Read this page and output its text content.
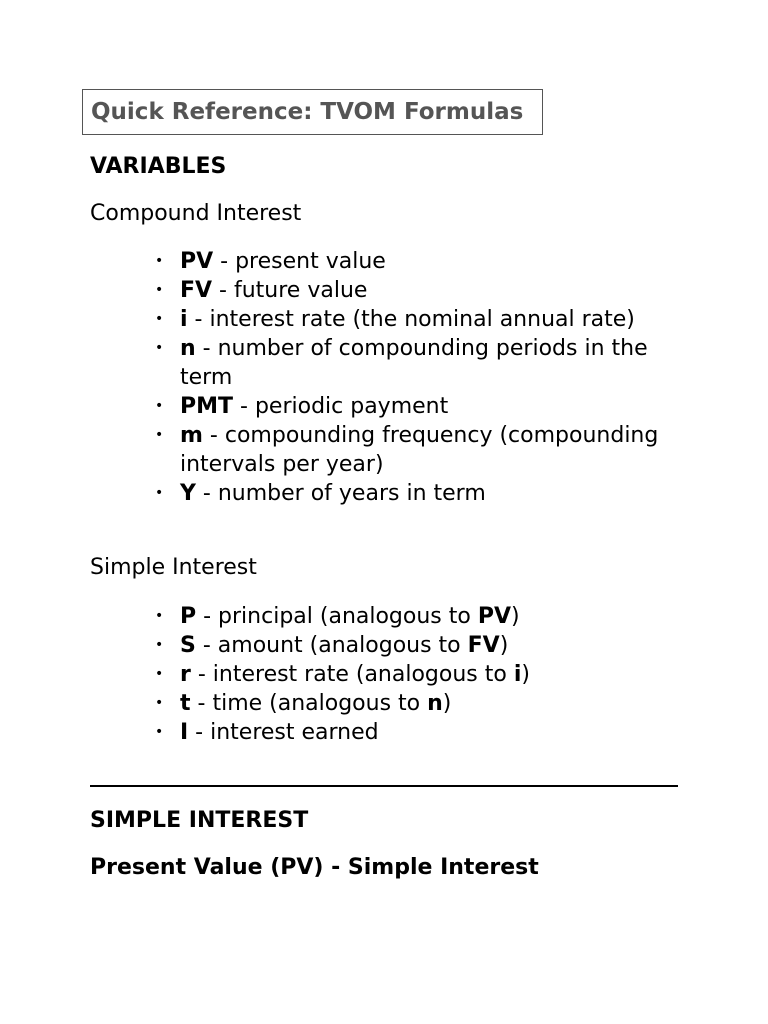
Quick Reference: TVOM Formulas
VARIABLES
Compound Interest
• PV - present value
• FV - future value
• i - interest rate (the nominal annual rate)
• n - number of compounding periods in the term
• PMT - periodic payment
• m - compounding frequency (compounding intervals per year)
• Y - number of years in term
Simple Interest
• P - principal (analogous to PV)
• S - amount (analogous to FV)
• r - interest rate (analogous to i)
• t - time (analogous to n)
• I - interest earned
SIMPLE INTEREST
Present Value (PV) - Simple Interest
